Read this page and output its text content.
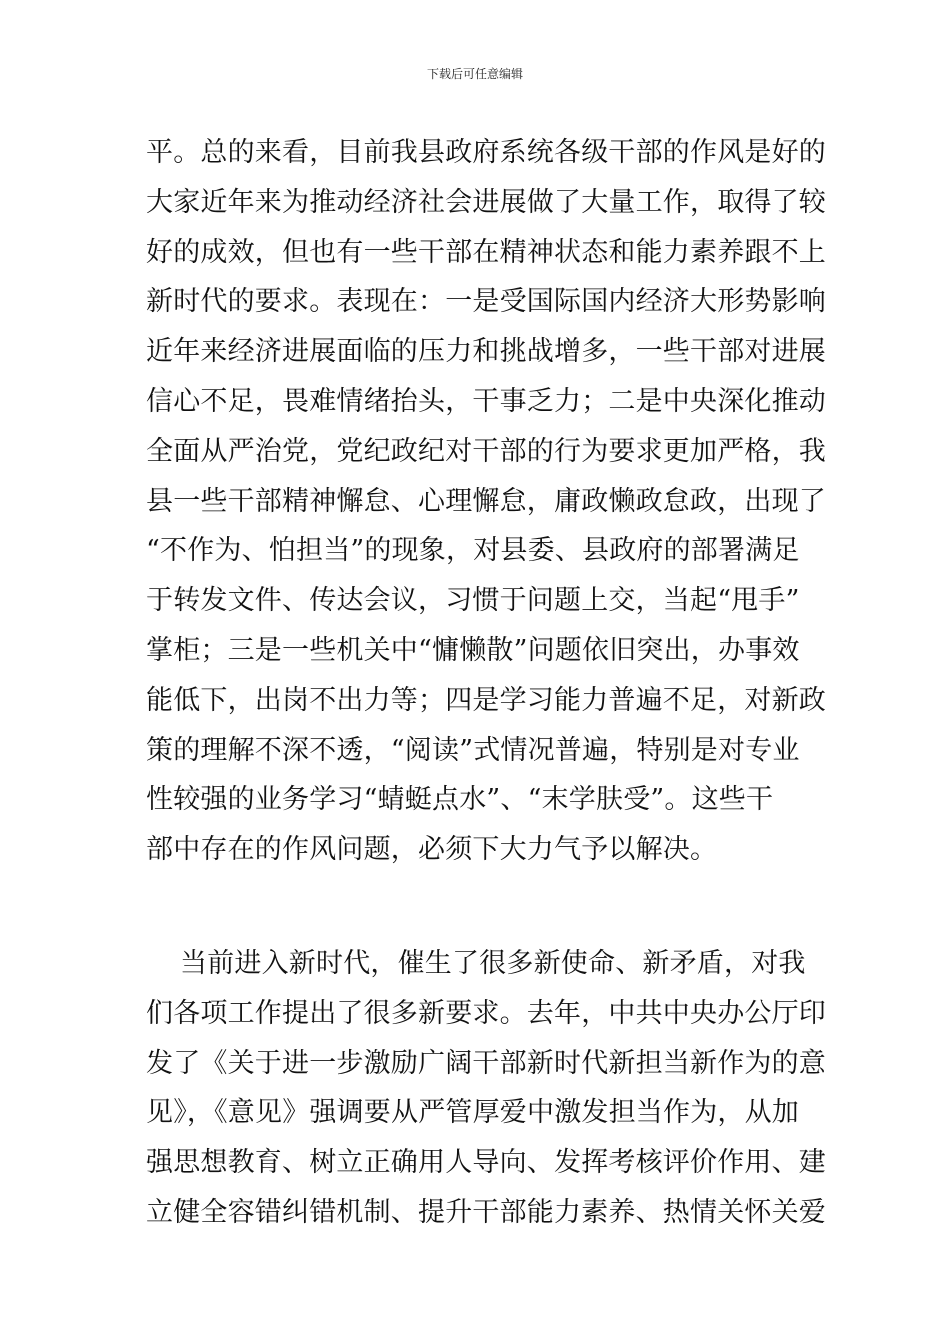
下载后可任意编辑
平。总的来看，目前我县政府系统各级干部的作风是好的
大家近年来为推动经济社会进展做了大量工作，取得了较
好的成效，但也有一些干部在精神状态和能力素养跟不上
新时代的要求。表现在：一是受国际国内经济大形势影响
近年来经济进展面临的压力和挑战增多，一些干部对进展
信心不足，畏难情绪抬头，干事乏力；二是中央深化推动
全面从严治党，党纪政纪对干部的行为要求更加严格，我
县一些干部精神懈怠、心理懈怠，庸政懒政怠政，出现了
“不作为、怕担当”的现象，对县委、县政府的部署满足
于转发文件、传达会议，习惯于问题上交，当起“甩手”
掌柜；三是一些机关中“慵懒散”问题依旧突出，办事效
能低下，出岗不出力等；四是学习能力普遍不足，对新政
策的理解不深不透，“阅读”式情况普遍，特别是对专业
性较强的业务学习“蜻蜓点水”、“末学肤受”。这些干
部中存在的作风问题，必须下大力气予以解决。
当前进入新时代，催生了很多新使命、新矛盾，对我
们各项工作提出了很多新要求。去年，中共中央办公厅印
发了《关于进一步激励广阔干部新时代新担当新作为的意
见》，《意见》强调要从严管厚爱中激发担当作为，从加
强思想教育、树立正确用人导向、发挥考核评价作用、建
立健全容错纠错机制、提升干部能力素养、热情关怀关爱
